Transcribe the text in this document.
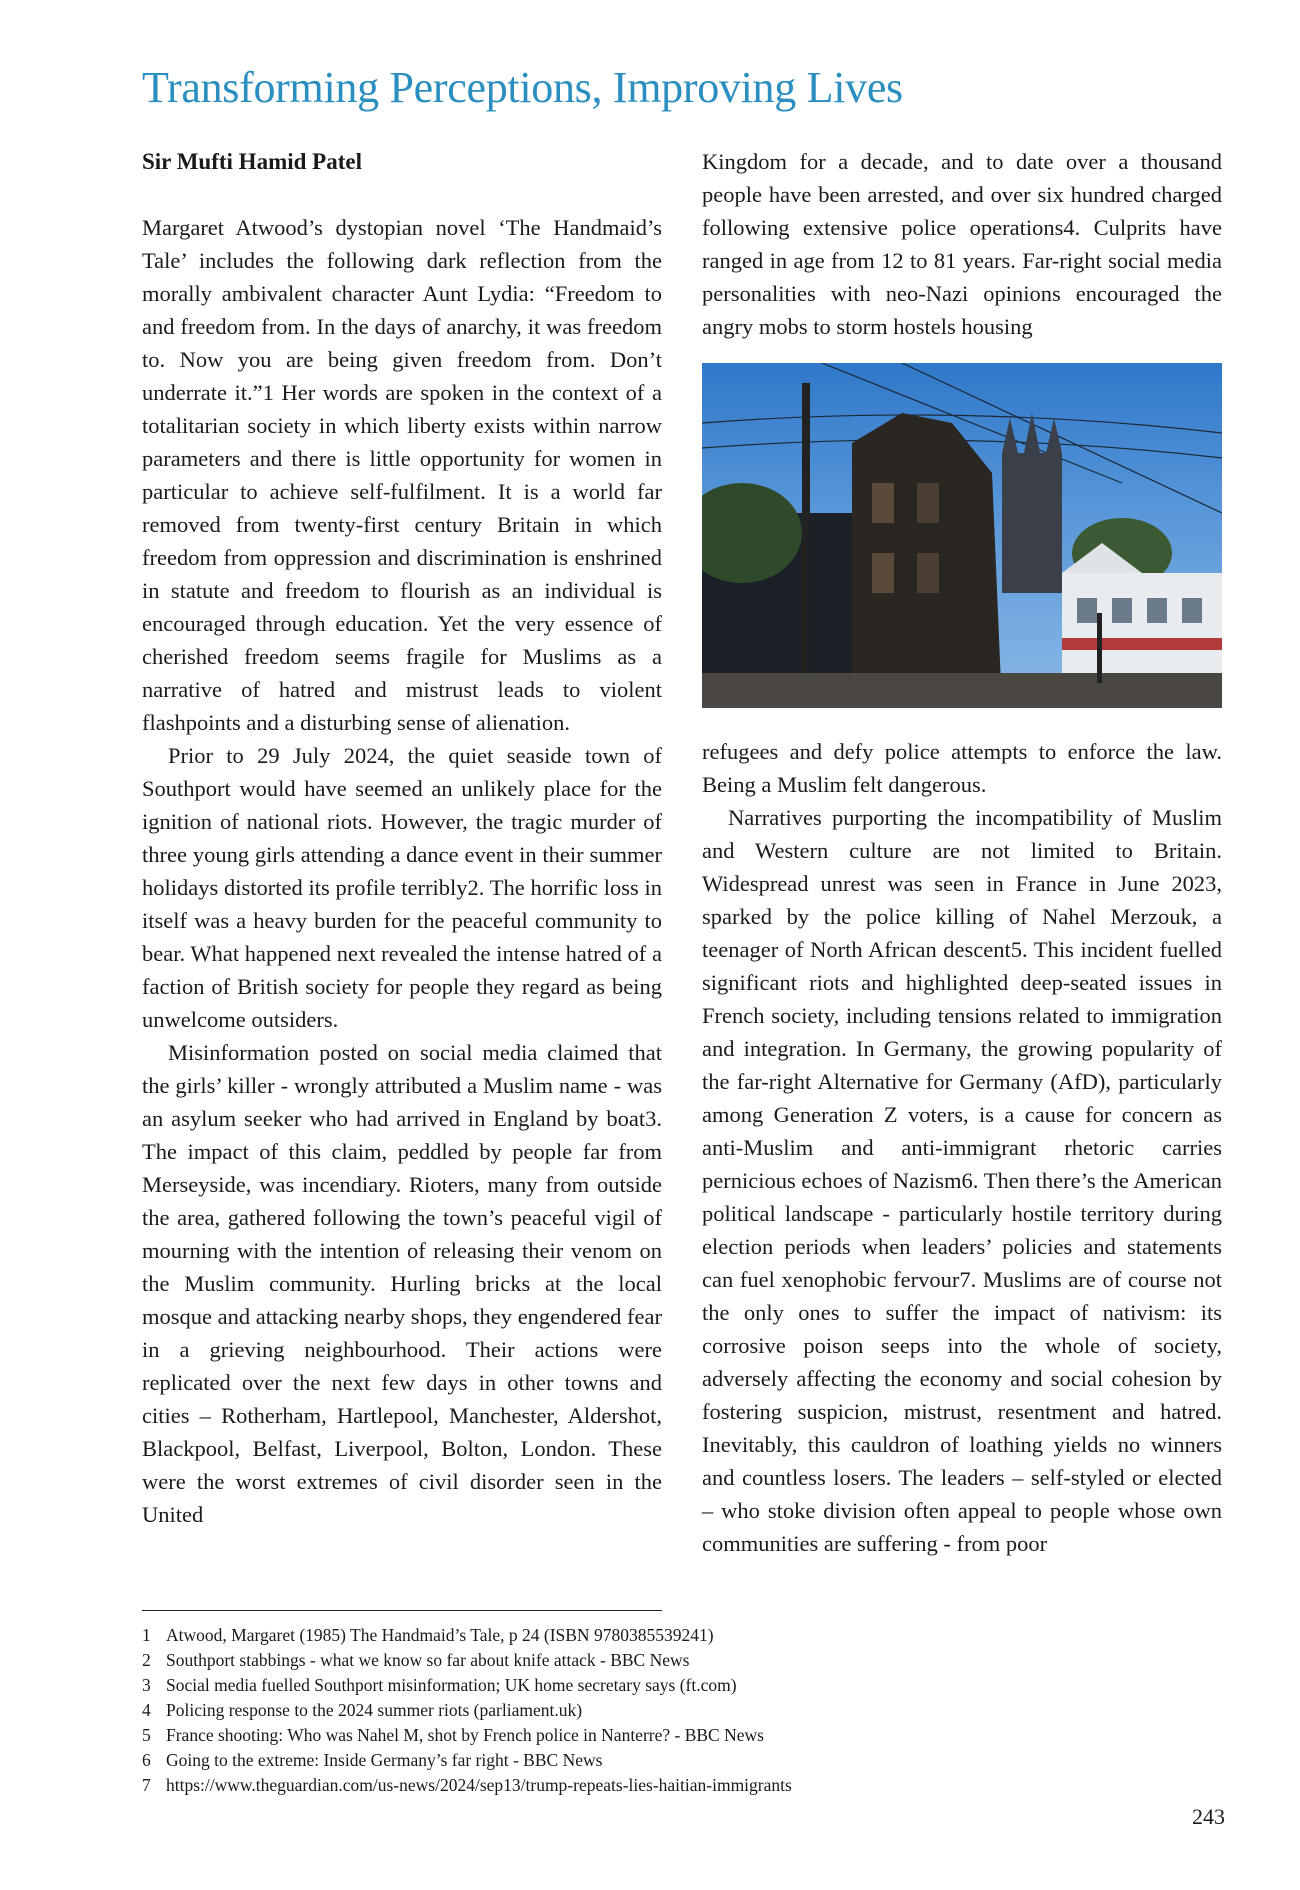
Transforming Perceptions, Improving Lives
Sir Mufti Hamid Patel

Margaret Atwood’s dystopian novel ‘The Handmaid’s Tale’ includes the following dark reflection from the morally ambivalent character Aunt Lydia: “Freedom to and freedom from. In the days of anarchy, it was freedom to. Now you are being given freedom from. Don’t underrate it.”1 Her words are spoken in the context of a totalitarian society in which liberty exists within narrow parameters and there is little opportunity for women in particular to achieve self-fulfilment. It is a world far removed from twenty-first century Britain in which freedom from oppression and discrimination is enshrined in statute and freedom to flourish as an individual is encouraged through education. Yet the very essence of cherished freedom seems fragile for Muslims as a narrative of hatred and mistrust leads to violent flashpoints and a disturbing sense of alienation.

Prior to 29 July 2024, the quiet seaside town of Southport would have seemed an unlikely place for the ignition of national riots. However, the tragic murder of three young girls attending a dance event in their summer holidays distorted its profile terribly2. The horrific loss in itself was a heavy burden for the peaceful community to bear. What happened next revealed the intense hatred of a faction of British society for people they regard as being unwelcome outsiders.

Misinformation posted on social media claimed that the girls’ killer - wrongly attributed a Muslim name - was an asylum seeker who had arrived in England by boat3. The impact of this claim, peddled by people far from Merseyside, was incendiary. Rioters, many from outside the area, gathered following the town’s peaceful vigil of mourning with the intention of releasing their venom on the Muslim community. Hurling bricks at the local mosque and attacking nearby shops, they engendered fear in a grieving neighbourhood. Their actions were replicated over the next few days in other towns and cities – Rotherham, Hartlepool, Manchester, Aldershot, Blackpool, Belfast, Liverpool, Bolton, London. These were the worst extremes of civil disorder seen in the United

Kingdom for a decade, and to date over a thousand people have been arrested, and over six hundred charged following extensive police operations4. Culprits have ranged in age from 12 to 81 years. Far-right social media personalities with neo-Nazi opinions encouraged the angry mobs to storm hostels housing

refugees and defy police attempts to enforce the law. Being a Muslim felt dangerous.

Narratives purporting the incompatibility of Muslim and Western culture are not limited to Britain. Widespread unrest was seen in France in June 2023, sparked by the police killing of Nahel Merzouk, a teenager of North African descent5. This incident fuelled significant riots and highlighted deep-seated issues in French society, including tensions related to immigration and integration. In Germany, the growing popularity of the far-right Alternative for Germany (AfD), particularly among Generation Z voters, is a cause for concern as anti-Muslim and anti-immigrant rhetoric carries pernicious echoes of Nazism6. Then there’s the American political landscape - particularly hostile territory during election periods when leaders’ policies and statements can fuel xenophobic fervour7. Muslims are of course not the only ones to suffer the impact of nativism: its corrosive poison seeps into the whole of society, adversely affecting the economy and social cohesion by fostering suspicion, mistrust, resentment and hatred. Inevitably, this cauldron of loathing yields no winners and countless losers. The leaders – self-styled or elected – who stoke division often appeal to people whose own communities are suffering - from poor

1 Atwood, Margaret (1985) The Handmaid’s Tale, p 24 (ISBN 9780385539241)

2 Southport stabbings - what we know so far about knife attack - BBC News

3 Social media fuelled Southport misinformation; UK home secretary says (ft.com)

4 Policing response to the 2024 summer riots (parliament.uk)

5 France shooting: Who was Nahel M, shot by French police in Nanterre? - BBC News

6 Going to the extreme: Inside Germany’s far right - BBC News

7 https://www.theguardian.com/us-news/2024/sep13/trump-repeats-lies-haitian-immigrants

243
